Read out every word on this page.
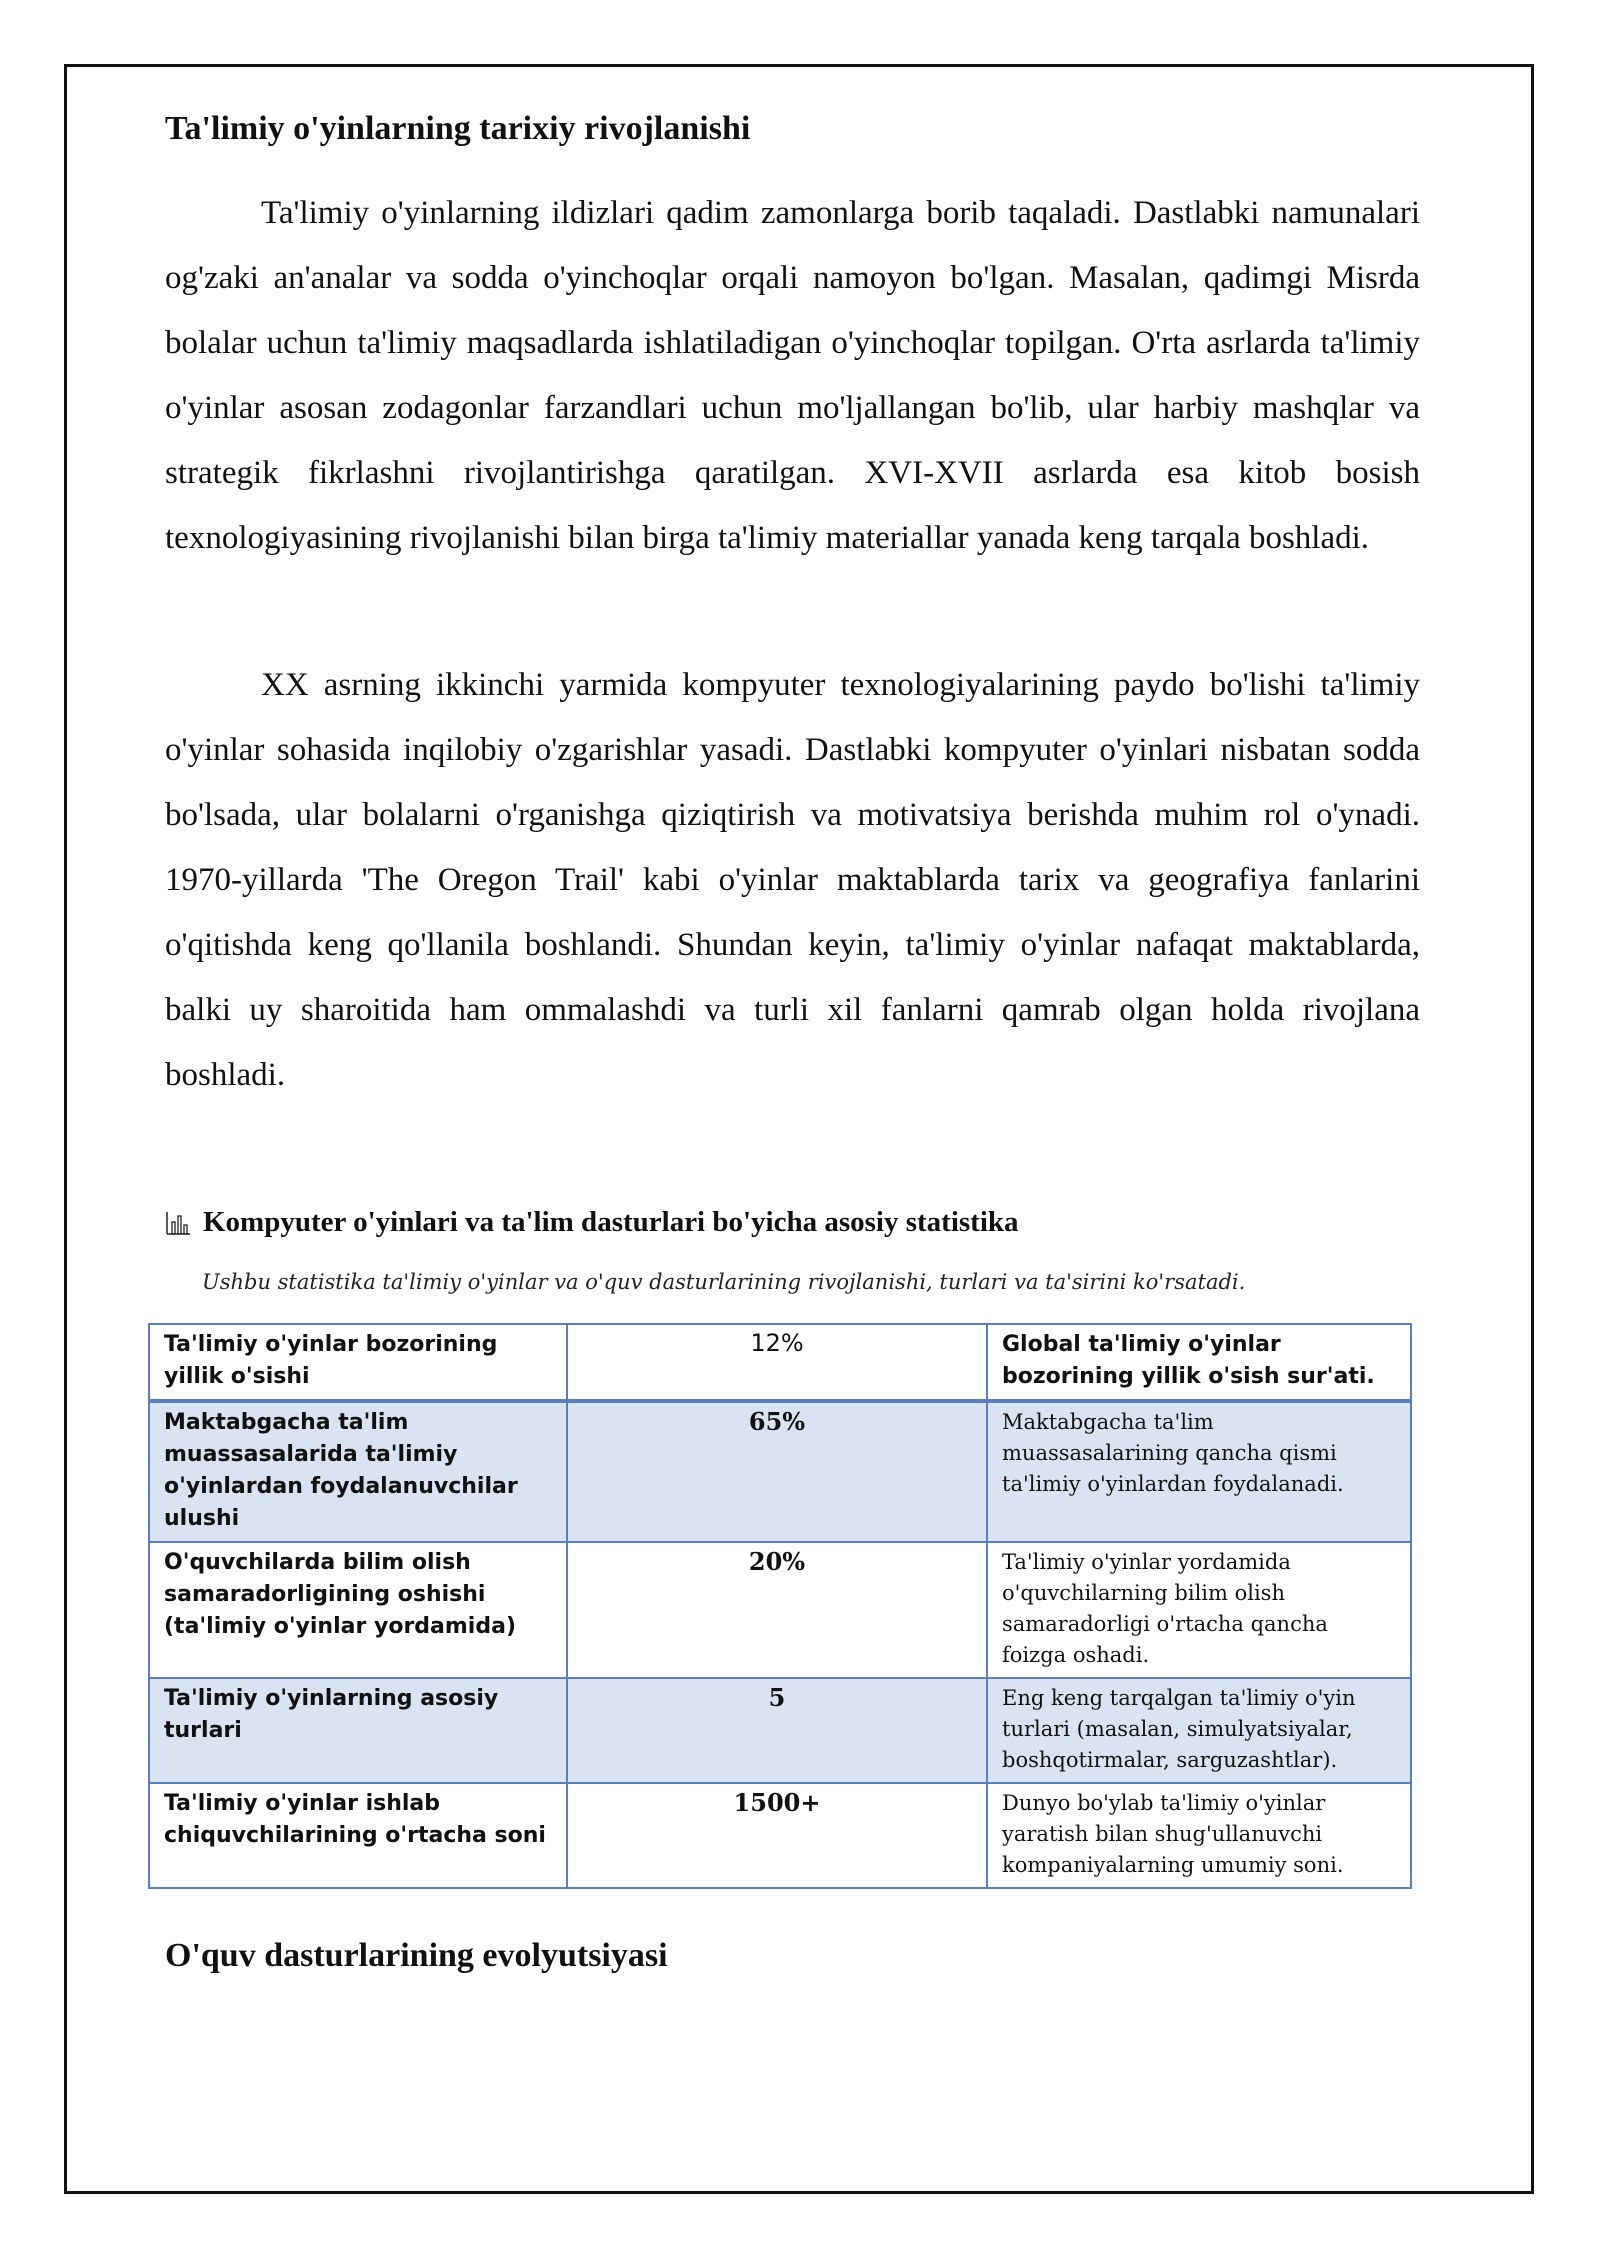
Ta'limiy o'yinlarning tarixiy rivojlanishi

Ta'limiy o'yinlarning ildizlari qadim zamonlarga borib taqaladi. Dastlabki namunalari og'zaki an'analar va sodda o'yinchoqlar orqali namoyon bo'lgan. Masalan, qadimgi Misrda bolalar uchun ta'limiy maqsadlarda ishlatiladigan o'yinchoqlar topilgan. O'rta asrlarda ta'limiy o'yinlar asosan zodagonlar farzandlari uchun mo'ljallangan bo'lib, ular harbiy mashqlar va strategik fikrlashni rivojlantirishga qaratilgan. XVI-XVII asrlarda esa kitob bosish texnologiyasining rivojlanishi bilan birga ta'limiy materiallar yanada keng tarqala boshladi.

XX asrning ikkinchi yarmida kompyuter texnologiyalarining paydo bo'lishi ta'limiy o'yinlar sohasida inqilobiy o'zgarishlar yasadi. Dastlabki kompyuter o'yinlari nisbatan sodda bo'lsada, ular bolalarni o'rganishga qiziqtirish va motivatsiya berishda muhim rol o'ynadi. 1970-yillarda 'The Oregon Trail' kabi o'yinlar maktablarda tarix va geografiya fanlarini o'qitishda keng qo'llanila boshlandi. Shundan keyin, ta'limiy o'yinlar nafaqat maktablarda, balki uy sharoitida ham ommalashdi va turli xil fanlarni qamrab olgan holda rivojlana boshladi.

Kompyuter o'yinlari va ta'lim dasturlari bo'yicha asosiy statistika

Ushbu statistika ta'limiy o'yinlar va o'quv dasturlarining rivojlanishi, turlari va ta'sirini ko'rsatadi.

Ta'limiy o'yinlar bozorining yillik o'sishi	12%	Global ta'limiy o'yinlar bozorining yillik o'sish sur'ati.
Maktabgacha ta'lim muassasalarida ta'limiy o'yinlardan foydalanuvchilar ulushi	65%	Maktabgacha ta'lim muassasalarining qancha qismi ta'limiy o'yinlardan foydalanadi.
O'quvchilarda bilim olish samaradorligining oshishi (ta'limiy o'yinlar yordamida)	20%	Ta'limiy o'yinlar yordamida o'quvchilarning bilim olish samaradorligi o'rtacha qancha foizga oshadi.
Ta'limiy o'yinlarning asosiy turlari	5	Eng keng tarqalgan ta'limiy o'yin turlari (masalan, simulyatsiyalar, boshqotirmalar, sarguzashtlar).
Ta'limiy o'yinlar ishlab chiquvchilarining o'rtacha soni	1500+	Dunyo bo'ylab ta'limiy o'yinlar yaratish bilan shug'ullanuvchi kompaniyalarning umumiy soni.
O'quv dasturlarining evolyutsiyasi
